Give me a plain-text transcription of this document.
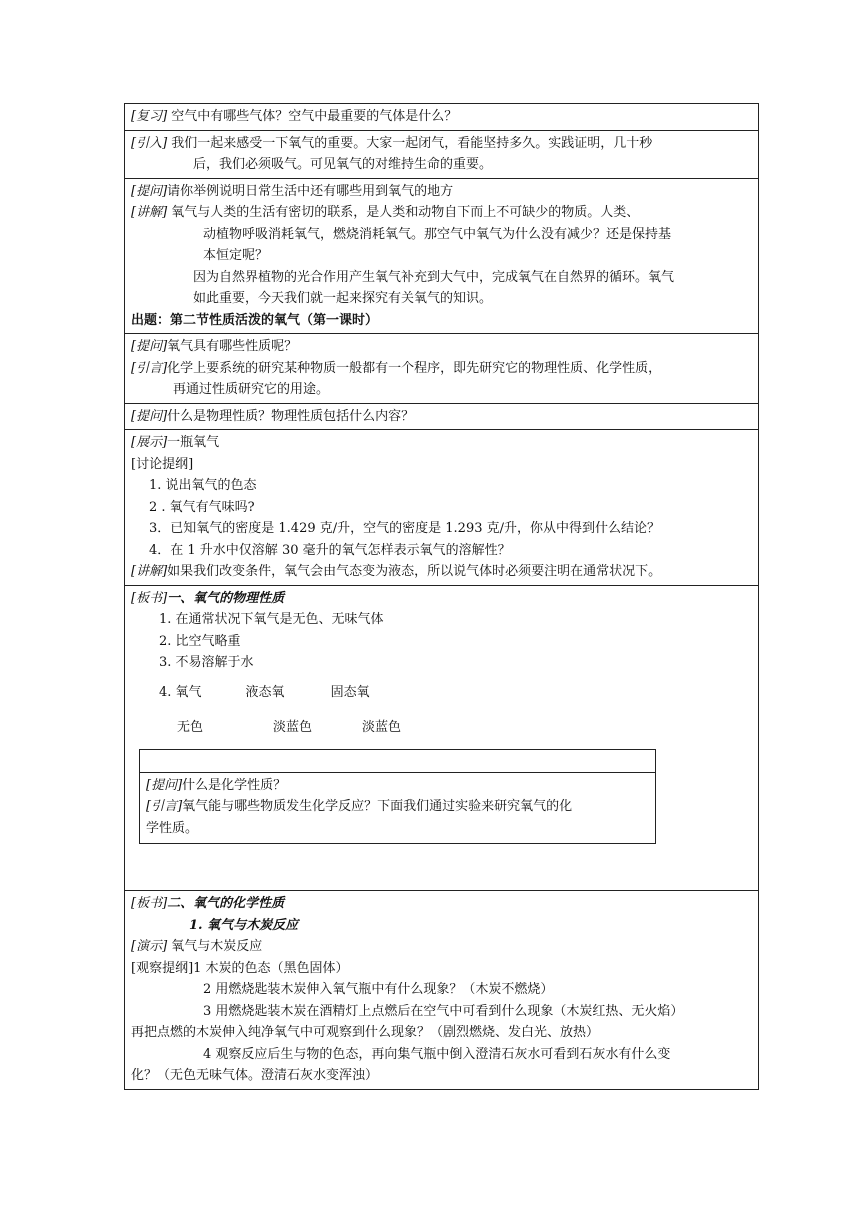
[复习] 空气中有哪些气体？空气中最重要的气体是什么？
[引入] 我们一起来感受一下氧气的重要。大家一起闭气，看能坚持多久。实践证明，几十秒
后，我们必须吸气。可见氧气的对维持生命的重要。
[提问]请你举例说明日常生活中还有哪些用到氧气的地方
[讲解] 氧气与人类的生活有密切的联系，是人类和动物自下而上不可缺少的物质。人类、
动植物呼吸消耗氧气，燃烧消耗氧气。那空气中氧气为什么没有减少？还是保持基
本恒定呢？
因为自然界植物的光合作用产生氧气补充到大气中，完成氧气在自然界的循环。氧气
如此重要，今天我们就一起来探究有关氧气的知识。
出题：第二节性质活泼的氧气（第一课时）
[提问]氧气具有哪些性质呢？
[引言]化学上要系统的研究某种物质一般都有一个程序，即先研究它的物理性质、化学性质，
再通过性质研究它的用途。
[提问]什么是物理性质？物理性质包括什么内容？
[展示]一瓶氧气
[讨论提纲]
1. 说出氧气的色态
2 . 氧气有气味吗?
3．已知氧气的密度是 1.429 克/升，空气的密度是 1.293 克/升，你从中得到什么结论？
4．在 1 升水中仅溶解 30 毫升的氧气怎样表示氧气的溶解性？
[讲解]如果我们改变条件，氧气会由气态变为液态，所以说气体时必须要注明在通常状况下。
[板书]一、氧气的物理性质
1. 在通常状况下氧气是无色、无味气体
2. 比空气略重
3. 不易溶解于水
4. 氧气	液态氧	固态氧
无色	淡蓝色	淡蓝色
[提问]什么是化学性质？
[引言]氧气能与哪些物质发生化学反应？下面我们通过实验来研究氧气的化
学性质。
[板书]二、氧气的化学性质
1. 氧气与木炭反应
[演示] 氧气与木炭反应
[观察提纲]1 木炭的色态（黑色固体）
2 用燃烧匙装木炭伸入氧气瓶中有什么现象？（木炭不燃烧）
3 用燃烧匙装木炭在酒精灯上点燃后在空气中可看到什么现象（木炭红热、无火焰）
再把点燃的木炭伸入纯净氧气中可观察到什么现象？（剧烈燃烧、发白光、放热）
4 观察反应后生与物的色态，再向集气瓶中倒入澄清石灰水可看到石灰水有什么变
化？（无色无味气体。澄清石灰水变浑浊）
